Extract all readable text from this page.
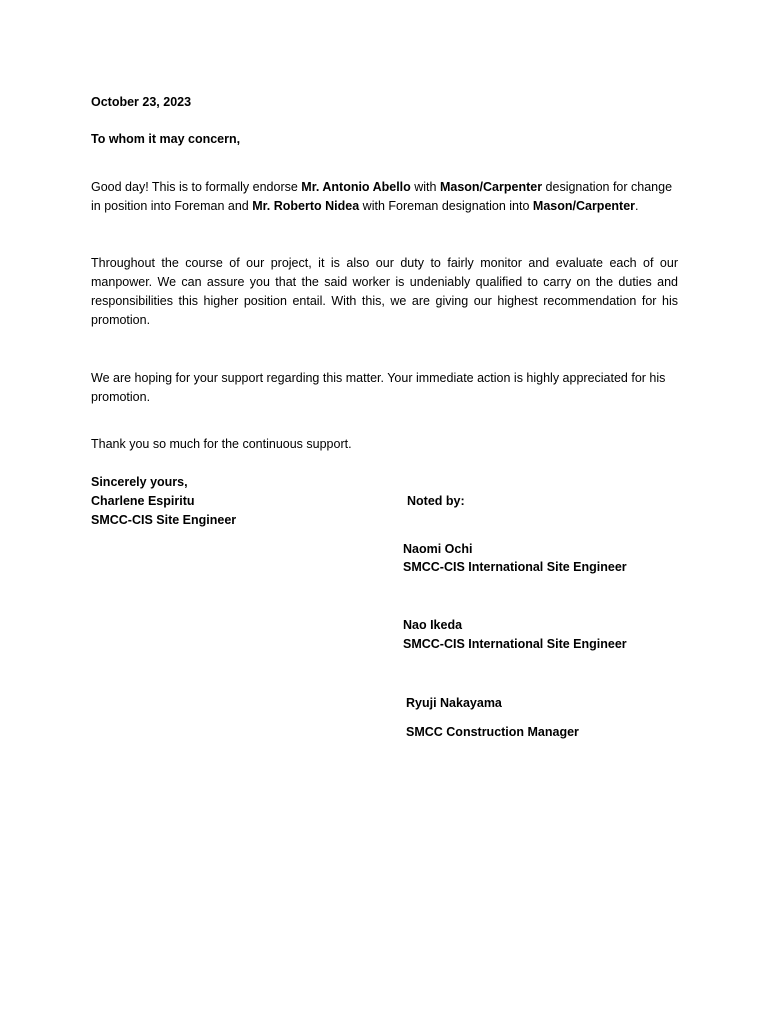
October 23, 2023
To whom it may concern,
Good day! This is to formally endorse Mr. Antonio Abello with Mason/Carpenter designation for change in position into Foreman and Mr. Roberto Nidea with Foreman designation into Mason/Carpenter.
Throughout the course of our project, it is also our duty to fairly monitor and evaluate each of our manpower. We can assure you that the said worker is undeniably qualified to carry on the duties and responsibilities this higher position entail. With this, we are giving our highest recommendation for his promotion.
We are hoping for your support regarding this matter. Your immediate action is highly appreciated for his promotion.
Thank you so much for the continuous support.
Sincerely yours,
Charlene Espiritu
SMCC-CIS Site Engineer
Noted by:
Naomi Ochi
SMCC-CIS International Site Engineer
Nao Ikeda
SMCC-CIS International Site Engineer
Ryuji Nakayama
SMCC Construction Manager
